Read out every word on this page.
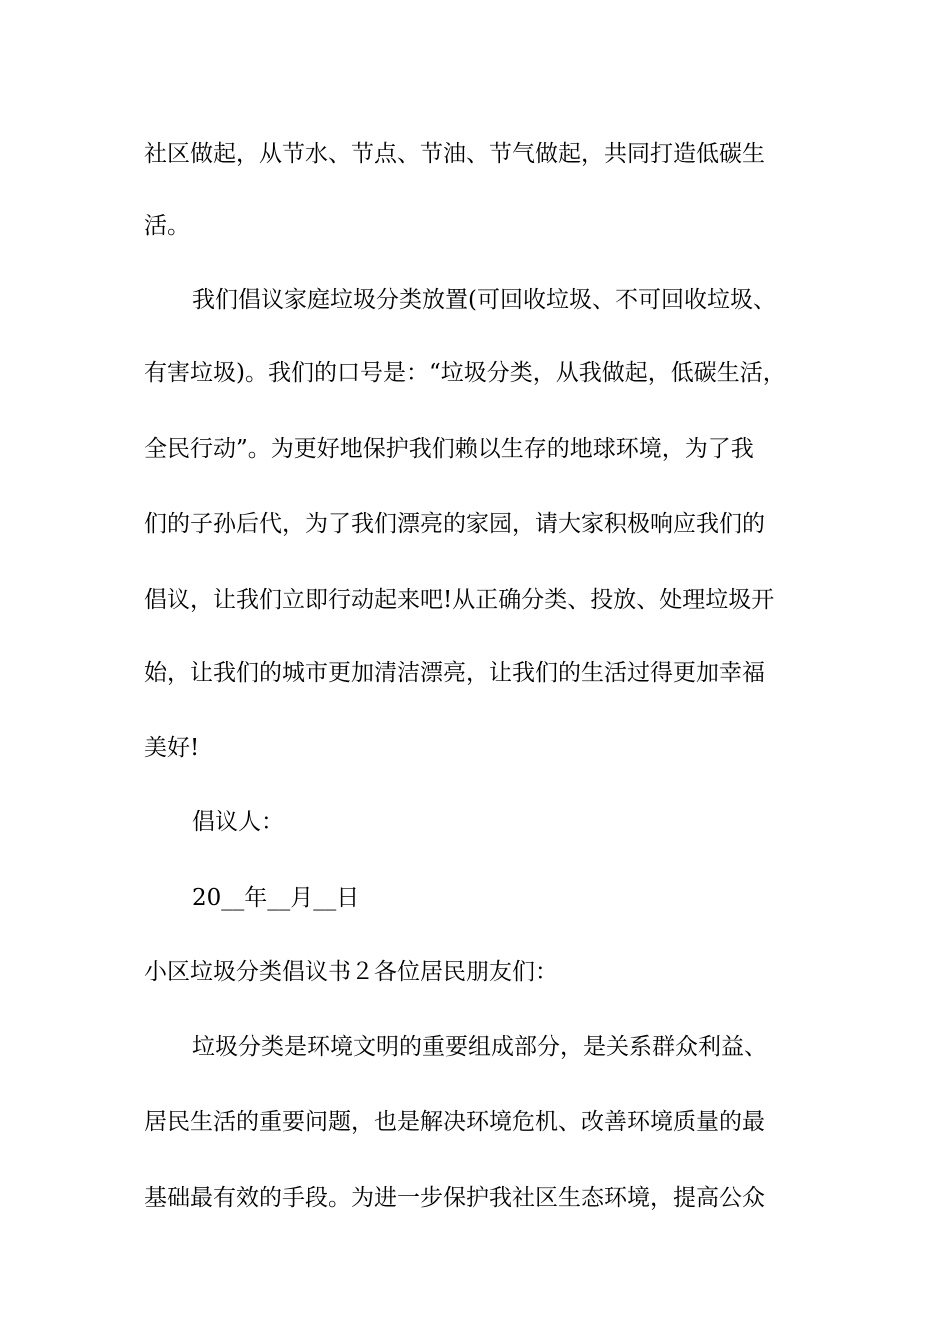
社区做起，从节水、节点、节油、节气做起，共同打造低碳生
活。
我们倡议家庭垃圾分类放置(可回收垃圾、不可回收垃圾、
有害垃圾)。我们的口号是：“垃圾分类，从我做起，低碳生活，
全民行动”。为更好地保护我们赖以生存的地球环境，为了我
们的子孙后代，为了我们漂亮的家园，请大家积极响应我们的
倡议，让我们立即行动起来吧!从正确分类、投放、处理垃圾开
始，让我们的城市更加清洁漂亮，让我们的生活过得更加幸福
美好!
倡议人：
20__年__月__日
小区垃圾分类倡议书２各位居民朋友们：
垃圾分类是环境文明的重要组成部分，是关系群众利益、
居民生活的重要问题，也是解决环境危机、改善环境质量的最
基础最有效的手段。为进一步保护我社区生态环境，提高公众
